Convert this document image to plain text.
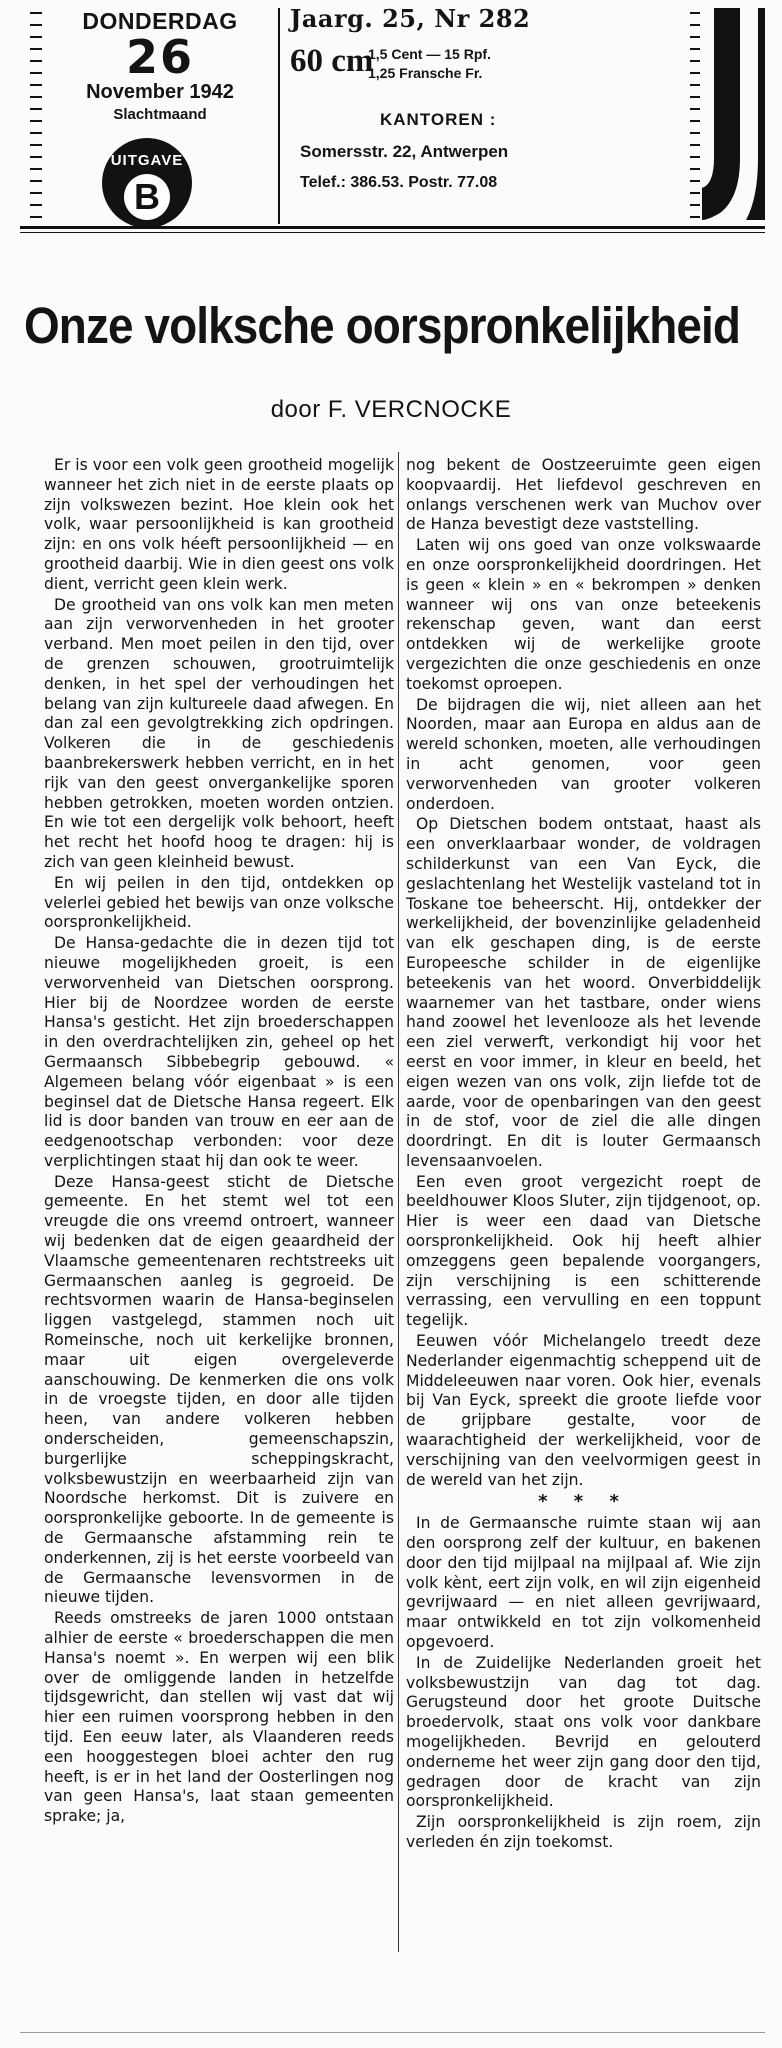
DONDERDAG
26
November 1942
Slachtmaand
UITGAVE
B
Jaarg. 25, Nr 282
60 cm
1,5 Cent — 15 Rpf.
1,25 Fransche Fr.
KANTOREN :
Somersstr. 22, Antwerpen
Telef.: 386.53. Postr. 77.08
Onze volksche oorspronkelijkheid
door F. VERCNOCKE

Er is voor een volk geen grootheid mogelijk wanneer het zich niet in de eerste plaats op zijn volkswezen bezint. Hoe klein ook het volk, waar persoonlijkheid is kan grootheid zijn: en ons volk héeft persoonlijkheid — en grootheid daarbij. Wie in dien geest ons volk dient, verricht geen klein werk.

De grootheid van ons volk kan men meten aan zijn verworvenheden in het grooter verband. Men moet peilen in den tijd, over de grenzen schouwen, grootruimtelijk denken, in het spel der verhoudingen het belang van zijn kultureele daad afwegen. En dan zal een gevolgtrekking zich opdringen. Volkeren die in de geschiedenis baanbrekerswerk hebben verricht, en in het rijk van den geest onvergankelijke sporen hebben getrokken, moeten worden ontzien. En wie tot een dergelijk volk behoort, heeft het recht het hoofd hoog te dragen: hij is zich van geen kleinheid bewust.

En wij peilen in den tijd, ontdekken op velerlei gebied het bewijs van onze volksche oorspronkelijkheid.

De Hansa-gedachte die in dezen tijd tot nieuwe mogelijkheden groeit, is een verworvenheid van Dietschen oorsprong. Hier bij de Noordzee worden de eerste Hansa's gesticht. Het zijn broederschappen in den overdrachtelijken zin, geheel op het Germaansch Sibbebegrip gebouwd. « Algemeen belang vóór eigenbaat » is een beginsel dat de Dietsche Hansa regeert. Elk lid is door banden van trouw en eer aan de eedgenootschap verbonden: voor deze verplichtingen staat hij dan ook te weer.

Deze Hansa-geest sticht de Dietsche gemeente. En het stemt wel tot een vreugde die ons vreemd ontroert, wanneer wij bedenken dat de eigen geaardheid der Vlaamsche gemeentenaren rechtstreeks uit Germaanschen aanleg is gegroeid. De rechtsvormen waarin de Hansa-beginselen liggen vastgelegd, stammen noch uit Romeinsche, noch uit kerkelijke bronnen, maar uit eigen overgeleverde aanschouwing. De kenmerken die ons volk in de vroegste tijden, en door alle tijden heen, van andere volkeren hebben onderscheiden, gemeenschapszin, burgerlijke scheppingskracht, volksbewustzijn en weerbaarheid zijn van Noordsche herkomst. Dit is zuivere en oorspronkelijke geboorte. In de gemeente is de Germaansche afstamming rein te onderkennen, zij is het eerste voorbeeld van de Germaansche levensvormen in de nieuwe tijden.

Reeds omstreeks de jaren 1000 ontstaan alhier de eerste « broederschappen die men Hansa's noemt ». En werpen wij een blik over de omliggende landen in hetzelfde tijdsgewricht, dan stellen wij vast dat wij hier een ruimen voorsprong hebben in den tijd. Een eeuw later, als Vlaanderen reeds een hooggestegen bloei achter den rug heeft, is er in het land der Oosterlingen nog van geen Hansa's, laat staan gemeenten sprake; ja,

nog bekent de Oostzeeruimte geen eigen koopvaardij. Het liefdevol geschreven en onlangs verschenen werk van Muchov over de Hanza bevestigt deze vaststelling.

Laten wij ons goed van onze volkswaarde en onze oorspronkelijkheid doordringen. Het is geen « klein » en « bekrompen » denken wanneer wij ons van onze beteekenis rekenschap geven, want dan eerst ontdekken wij de werkelijke groote vergezichten die onze geschiedenis en onze toekomst oproepen.

De bijdragen die wij, niet alleen aan het Noorden, maar aan Europa en aldus aan de wereld schonken, moeten, alle verhoudingen in acht genomen, voor geen verworvenheden van grooter volkeren onderdoen.

Op Dietschen bodem ontstaat, haast als een onverklaarbaar wonder, de voldragen schilderkunst van een Van Eyck, die geslachtenlang het Westelijk vasteland tot in Toskane toe beheerscht. Hij, ontdekker der werkelijkheid, der bovenzinlijke geladenheid van elk geschapen ding, is de eerste Europeesche schilder in de eigenlijke beteekenis van het woord. Onverbiddelijk waarnemer van het tastbare, onder wiens hand zoowel het levenlooze als het levende een ziel verwerft, verkondigt hij voor het eerst en voor immer, in kleur en beeld, het eigen wezen van ons volk, zijn liefde tot de aarde, voor de openbaringen van den geest in de stof, voor de ziel die alle dingen doordringt. En dit is louter Germaansch levensaanvoelen.

Een even groot vergezicht roept de beeldhouwer Kloos Sluter, zijn tijdgenoot, op. Hier is weer een daad van Dietsche oorspronkelijkheid. Ook hij heeft alhier omzeggens geen bepalende voorgangers, zijn verschijning is een schitterende verrassing, een vervulling en een toppunt tegelijk.

Eeuwen vóór Michelangelo treedt deze Nederlander eigenmachtig scheppend uit de Middeleeuwen naar voren. Ook hier, evenals bij Van Eyck, spreekt die groote liefde voor de grijpbare gestalte, voor de waarachtigheid der werkelijkheid, voor de verschijning van den veelvormigen geest in de wereld van het zijn.

* * *

In de Germaansche ruimte staan wij aan den oorsprong zelf der kultuur, en bakenen door den tijd mijlpaal na mijlpaal af. Wie zijn volk kènt, eert zijn volk, en wil zijn eigenheid gevrijwaard — en niet alleen gevrijwaard, maar ontwikkeld en tot zijn volkomenheid opgevoerd.

In de Zuidelijke Nederlanden groeit het volksbewustzijn van dag tot dag. Gerugsteund door het groote Duitsche broedervolk, staat ons volk voor dankbare mogelijkheden. Bevrijd en gelouterd onderneme het weer zijn gang door den tijd, gedragen door de kracht van zijn oorspronkelijkheid.

Zijn oorspronkelijkheid is zijn roem, zijn verleden én zijn toekomst.
